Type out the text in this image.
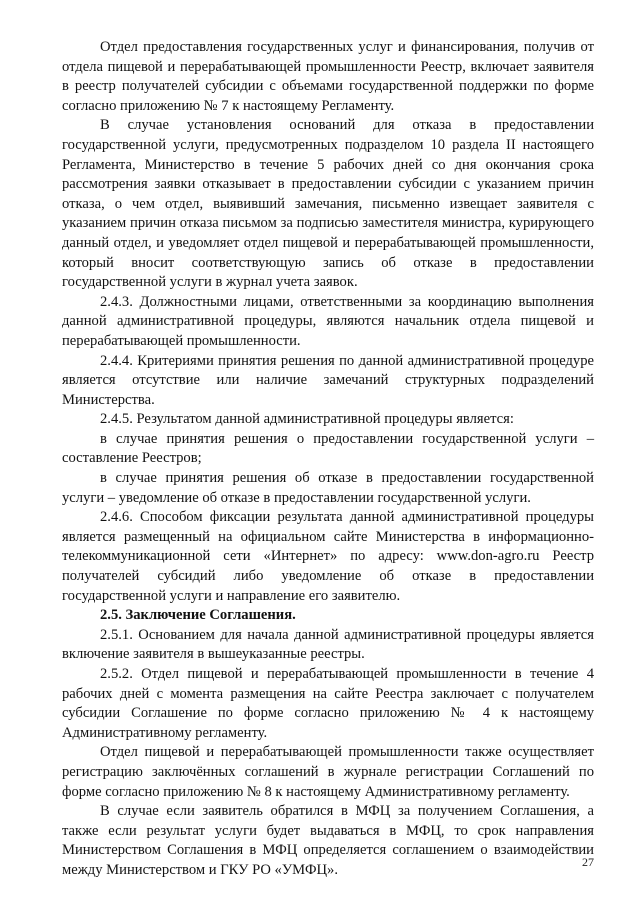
Отдел предоставления государственных услуг и финансирования, получив от отдела пищевой и перерабатывающей промышленности Реестр, включает заявителя в реестр получателей субсидии с объемами государственной поддержки по форме согласно приложению № 7 к настоящему Регламенту.

В случае установления оснований для отказа в предоставлении государственной услуги, предусмотренных подразделом 10 раздела II настоящего Регламента, Министерство в течение 5 рабочих дней со дня окончания срока рассмотрения заявки отказывает в предоставлении субсидии с указанием причин отказа, о чем отдел, выявивший замечания, письменно извещает заявителя с указанием причин отказа письмом за подписью заместителя министра, курирующего данный отдел, и уведомляет отдел пищевой и перерабатывающей промышленности, который вносит соответствующую запись об отказе в предоставлении государственной услуги в журнал учета заявок.

2.4.3. Должностными лицами, ответственными за координацию выполнения данной административной процедуры, являются начальник отдела пищевой и перерабатывающей промышленности.

2.4.4. Критериями принятия решения по данной административной процедуре является отсутствие или наличие замечаний структурных подразделений Министерства.

2.4.5. Результатом данной административной процедуры является:

в случае принятия решения о предоставлении государственной услуги – составление Реестров;

в случае принятия решения об отказе в предоставлении государственной услуги – уведомление об отказе в предоставлении государственной услуги.

2.4.6. Способом фиксации результата данной административной процедуры является размещенный на официальном сайте Министерства в информационно-телекоммуникационной сети «Интернет» по адресу: www.don-agro.ru Реестр получателей субсидий либо уведомление об отказе в предоставлении государственной услуги и направление его заявителю.

2.5. Заключение Соглашения.

2.5.1. Основанием для начала данной административной процедуры является включение заявителя в вышеуказанные реестры.

2.5.2. Отдел пищевой и перерабатывающей промышленности в течение 4 рабочих дней с момента размещения на сайте Реестра заключает с получателем субсидии Соглашение по форме согласно приложению № 4 к настоящему Административному регламенту.

Отдел пищевой и перерабатывающей промышленности также осуществляет регистрацию заключённых соглашений в журнале регистрации Соглашений по форме согласно приложению № 8 к настоящему Административному регламенту.

В случае если заявитель обратился в МФЦ за получением Соглашения, а также если результат услуги будет выдаваться в МФЦ, то срок направления Министерством Соглашения в МФЦ определяется соглашением о взаимодействии между Министерством и ГКУ РО «УМФЦ».	27
